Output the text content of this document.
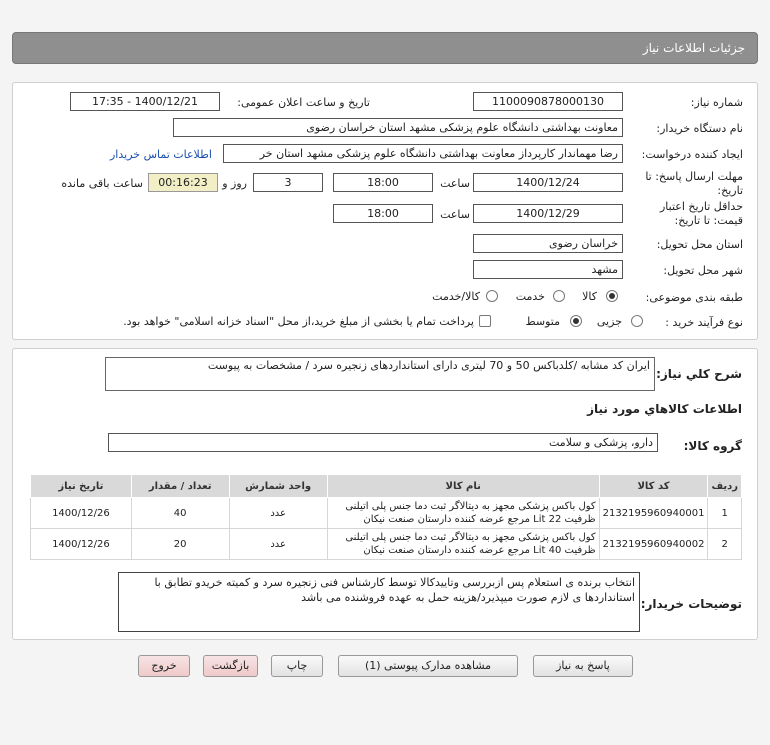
جزئیات اطلاعات نیاز
شماره نیاز:
1100090878000130
تاریخ و ساعت اعلان عمومی:
1400/12/21 - 17:35
نام دستگاه خریدار:
معاونت بهداشتی دانشگاه علوم پزشکی مشهد استان خراسان رضوی
ایجاد کننده درخواست:
رضا مهماندار کارپرداز معاونت بهداشتی دانشگاه علوم پزشکی مشهد استان خر
اطلاعات تماس خریدار
مهلت ارسال پاسخ: تا تاریخ:
1400/12/24
ساعت
18:00
3
روز و
00:16:23
ساعت باقی مانده
حداقل تاریخ اعتبار قیمت: تا تاریخ:
1400/12/29
ساعت
18:00
استان محل تحویل:
خراسان رضوی
شهر محل تحویل:
مشهد
طبقه بندی موضوعی:
کالا
خدمت
کالا/خدمت
نوع فرآیند خرید :
جزیی
متوسط
پرداخت تمام یا بخشی از مبلغ خرید،از محل "اسناد خزانه اسلامی" خواهد بود.
شرح کلي نياز:
ایران کد مشابه /کلدباکس 50 و 70 لیتری دارای استانداردهای زنجیره سرد / مشخصات به پیوست
اطلاعات کالاهاي مورد نياز
گروه کالا:
دارو، پزشکی و سلامت
ردیف	کد کالا	نام کالا	واحد شمارش	تعداد / مقدار	تاریخ نیاز
1	2132195960940001	کول باکس پزشکی مجهز به دیتالاگر ثبت دما جنس پلی اتیلنی ظرفیت Lit 22 مرجع عرضه کننده دارستان صنعت نیکان	عدد	40	1400/12/26
2	2132195960940002	کول باکس پزشکی مجهز به دیتالاگر ثبت دما جنس پلی اتیلنی ظرفیت Lit 40 مرجع عرضه کننده دارستان صنعت نیکان	عدد	20	1400/12/26
توضیحات خریدار:
انتخاب برنده ی استعلام پس ازبررسی وتاییدکالا توسط کارشناس فنی زنجیره سرد و کمیته خریدو تطابق با استانداردها ی لازم صورت میپذیرد/هزینه حمل به عهده فروشنده می باشد
پاسخ به نیاز
مشاهده مدارک پیوستی (1)
چاپ
بازگشت
خروج
